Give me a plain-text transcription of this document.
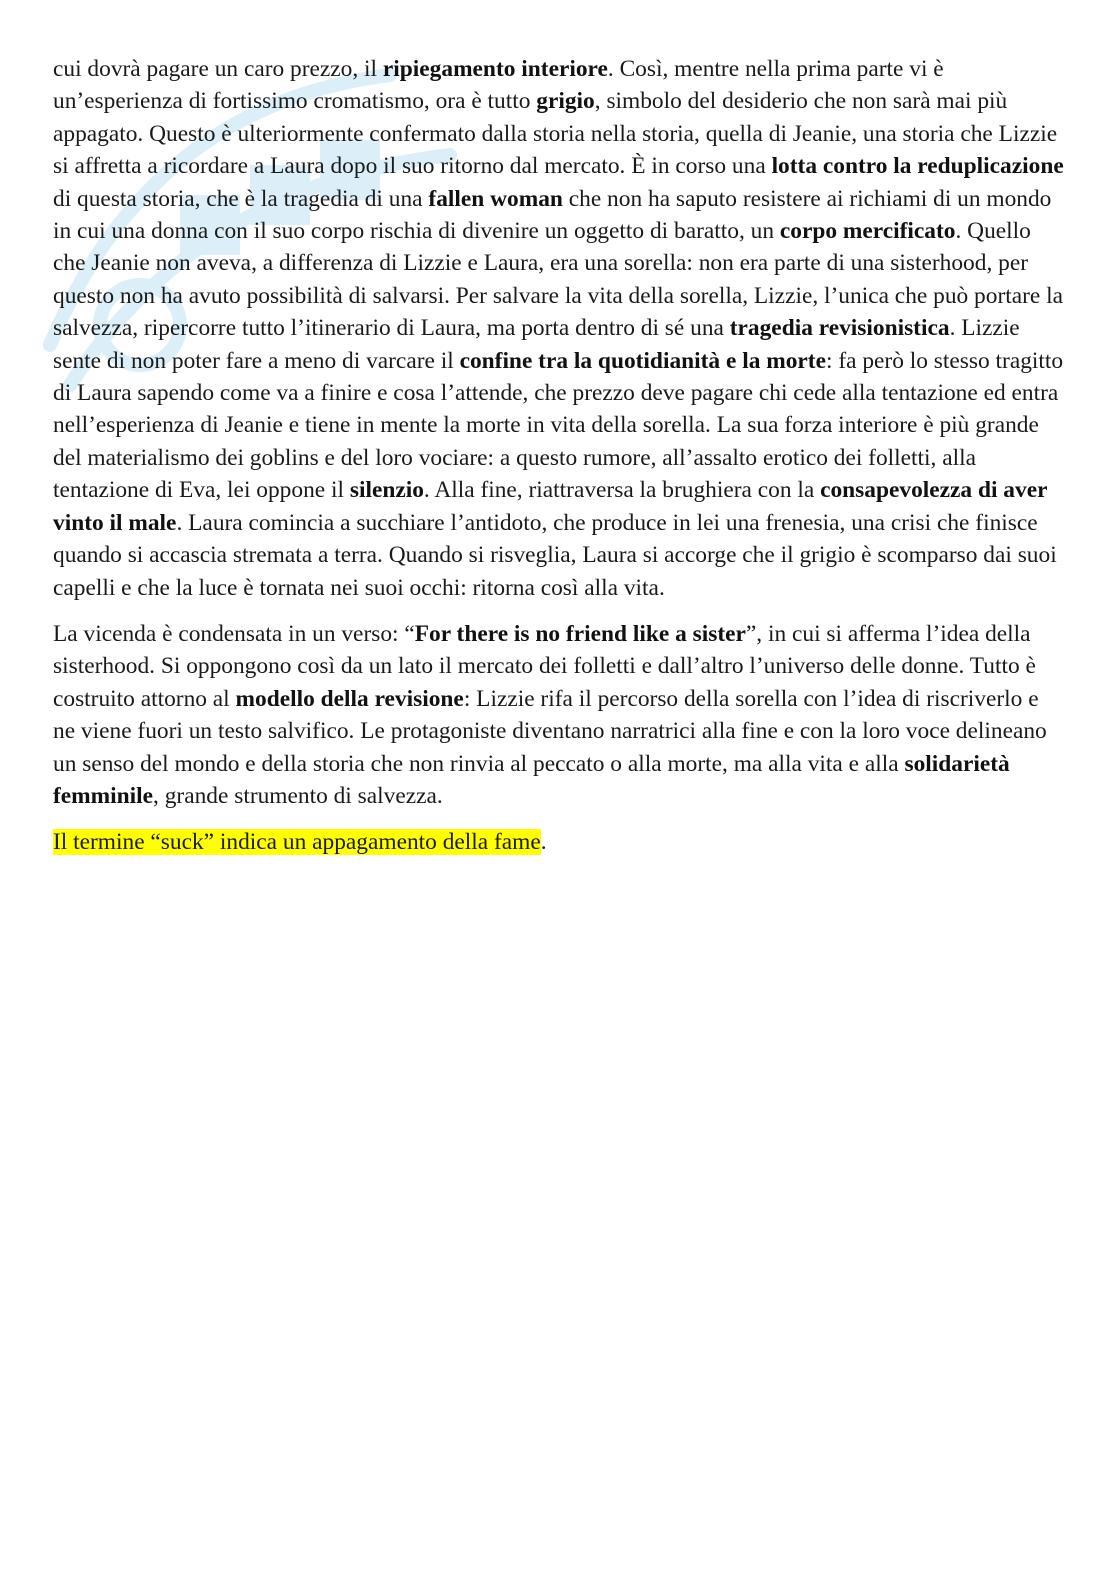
cui dovrà pagare un caro prezzo, il ripiegamento interiore. Così, mentre nella prima parte vi è un’esperienza di fortissimo cromatismo, ora è tutto grigio, simbolo del desiderio che non sarà mai più appagato. Questo è ulteriormente confermato dalla storia nella storia, quella di Jeanie, una storia che Lizzie si affretta a ricordare a Laura dopo il suo ritorno dal mercato. È in corso una lotta contro la reduplicazione di questa storia, che è la tragedia di una fallen woman che non ha saputo resistere ai richiami di un mondo in cui una donna con il suo corpo rischia di divenire un oggetto di baratto, un corpo mercificato. Quello che Jeanie non aveva, a differenza di Lizzie e Laura, era una sorella: non era parte di una sisterhood, per questo non ha avuto possibilità di salvarsi. Per salvare la vita della sorella, Lizzie, l’unica che può portare la salvezza, ripercorre tutto l’itinerario di Laura, ma porta dentro di sé una tragedia revisionistica. Lizzie sente di non poter fare a meno di varcare il confine tra la quotidianità e la morte: fa però lo stesso tragitto di Laura sapendo come va a finire e cosa l’attende, che prezzo deve pagare chi cede alla tentazione ed entra nell’esperienza di Jeanie e tiene in mente la morte in vita della sorella. La sua forza interiore è più grande del materialismo dei goblins e del loro vociare: a questo rumore, all’assalto erotico dei folletti, alla tentazione di Eva, lei oppone il silenzio. Alla fine, riattraversa la brughiera con la consapevolezza di aver vinto il male. Laura comincia a succhiare l’antidoto, che produce in lei una frenesia, una crisi che finisce quando si accascia stremata a terra. Quando si risveglia, Laura si accorge che il grigio è scomparso dai suoi capelli e che la luce è tornata nei suoi occhi: ritorna così alla vita.

La vicenda è condensata in un verso: “For there is no friend like a sister”, in cui si afferma l’idea della sisterhood. Si oppongono così da un lato il mercato dei folletti e dall’altro l’universo delle donne. Tutto è costruito attorno al modello della revisione: Lizzie rifa il percorso della sorella con l’idea di riscriverlo e ne viene fuori un testo salvifico. Le protagoniste diventano narratrici alla fine e con la loro voce delineano un senso del mondo e della storia che non rinvia al peccato o alla morte, ma alla vita e alla solidarietà femminile, grande strumento di salvezza.

Il termine “suck” indica un appagamento della fame.
